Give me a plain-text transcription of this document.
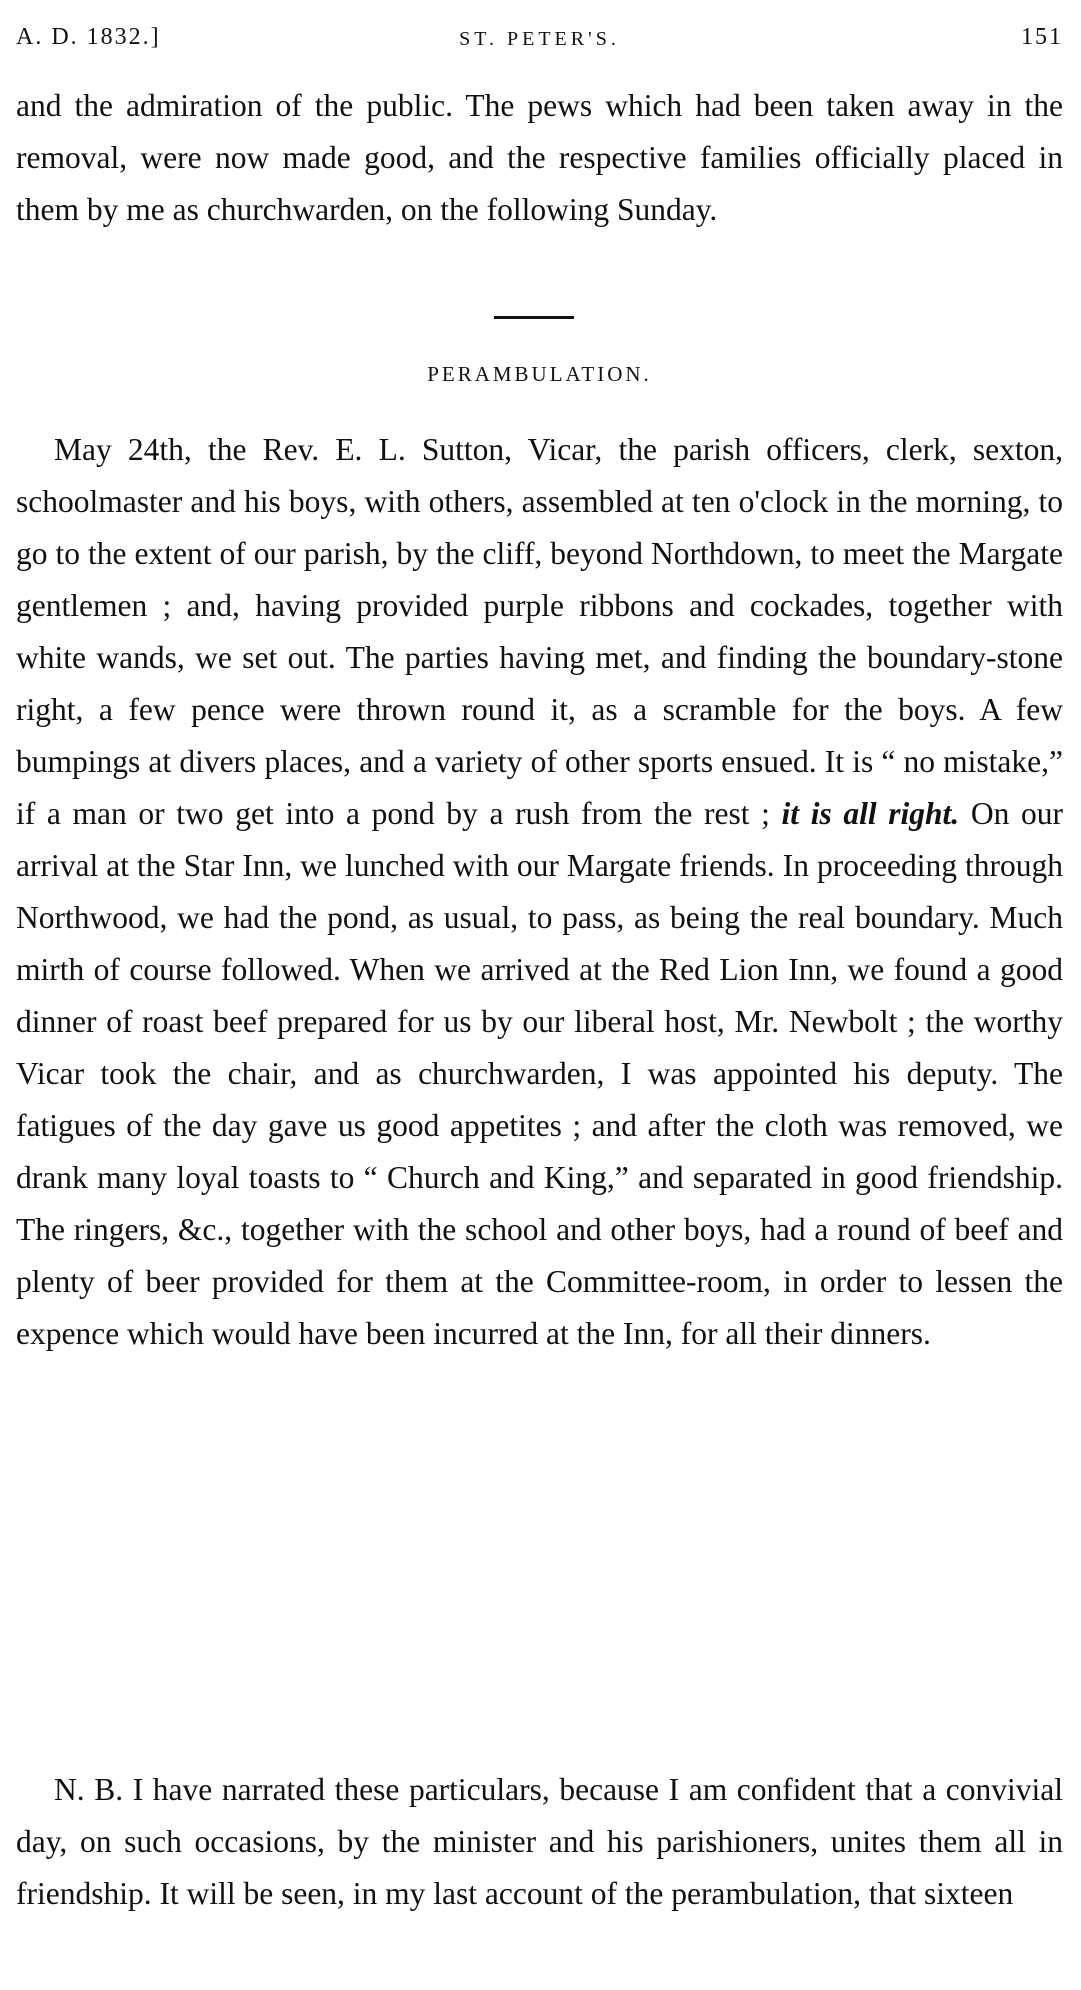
A. D. 1832.]	ST. PETER'S.	151

and the admiration of the public. The pews which had been taken away in the removal, were now made good, and the respective families officially placed in them by me as churchwarden, on the following Sunday.

PERAMBULATION.

May 24th, the Rev. E. L. Sutton, Vicar, the parish officers, clerk, sexton, schoolmaster and his boys, with others, assembled at ten o'clock in the morning, to go to the extent of our parish, by the cliff, beyond Northdown, to meet the Margate gentlemen ; and, having provided purple ribbons and cockades, together with white wands, we set out. The parties having met, and finding the boundary-stone right, a few pence were thrown round it, as a scramble for the boys. A few bumpings at divers places, and a variety of other sports ensued. It is “ no mistake,” if a man or two get into a pond by a rush from the rest ; it is all right. On our arrival at the Star Inn, we lunched with our Margate friends. In proceeding through Northwood, we had the pond, as usual, to pass, as being the real boundary. Much mirth of course followed. When we arrived at the Red Lion Inn, we found a good dinner of roast beef prepared for us by our liberal host, Mr. Newbolt ; the worthy Vicar took the chair, and as churchwarden, I was appointed his deputy. The fatigues of the day gave us good appetites ; and after the cloth was removed, we drank many loyal toasts to “ Church and King,” and separated in good friendship. The ringers, &c., together with the school and other boys, had a round of beef and plenty of beer provided for them at the Committee-room, in order to lessen the expence which would have been incurred at the Inn, for all their dinners.

N. B. I have narrated these particulars, because I am confident that a convivial day, on such occasions, by the minister and his parishioners, unites them all in friendship. It will be seen, in my last account of the perambulation, that sixteen
